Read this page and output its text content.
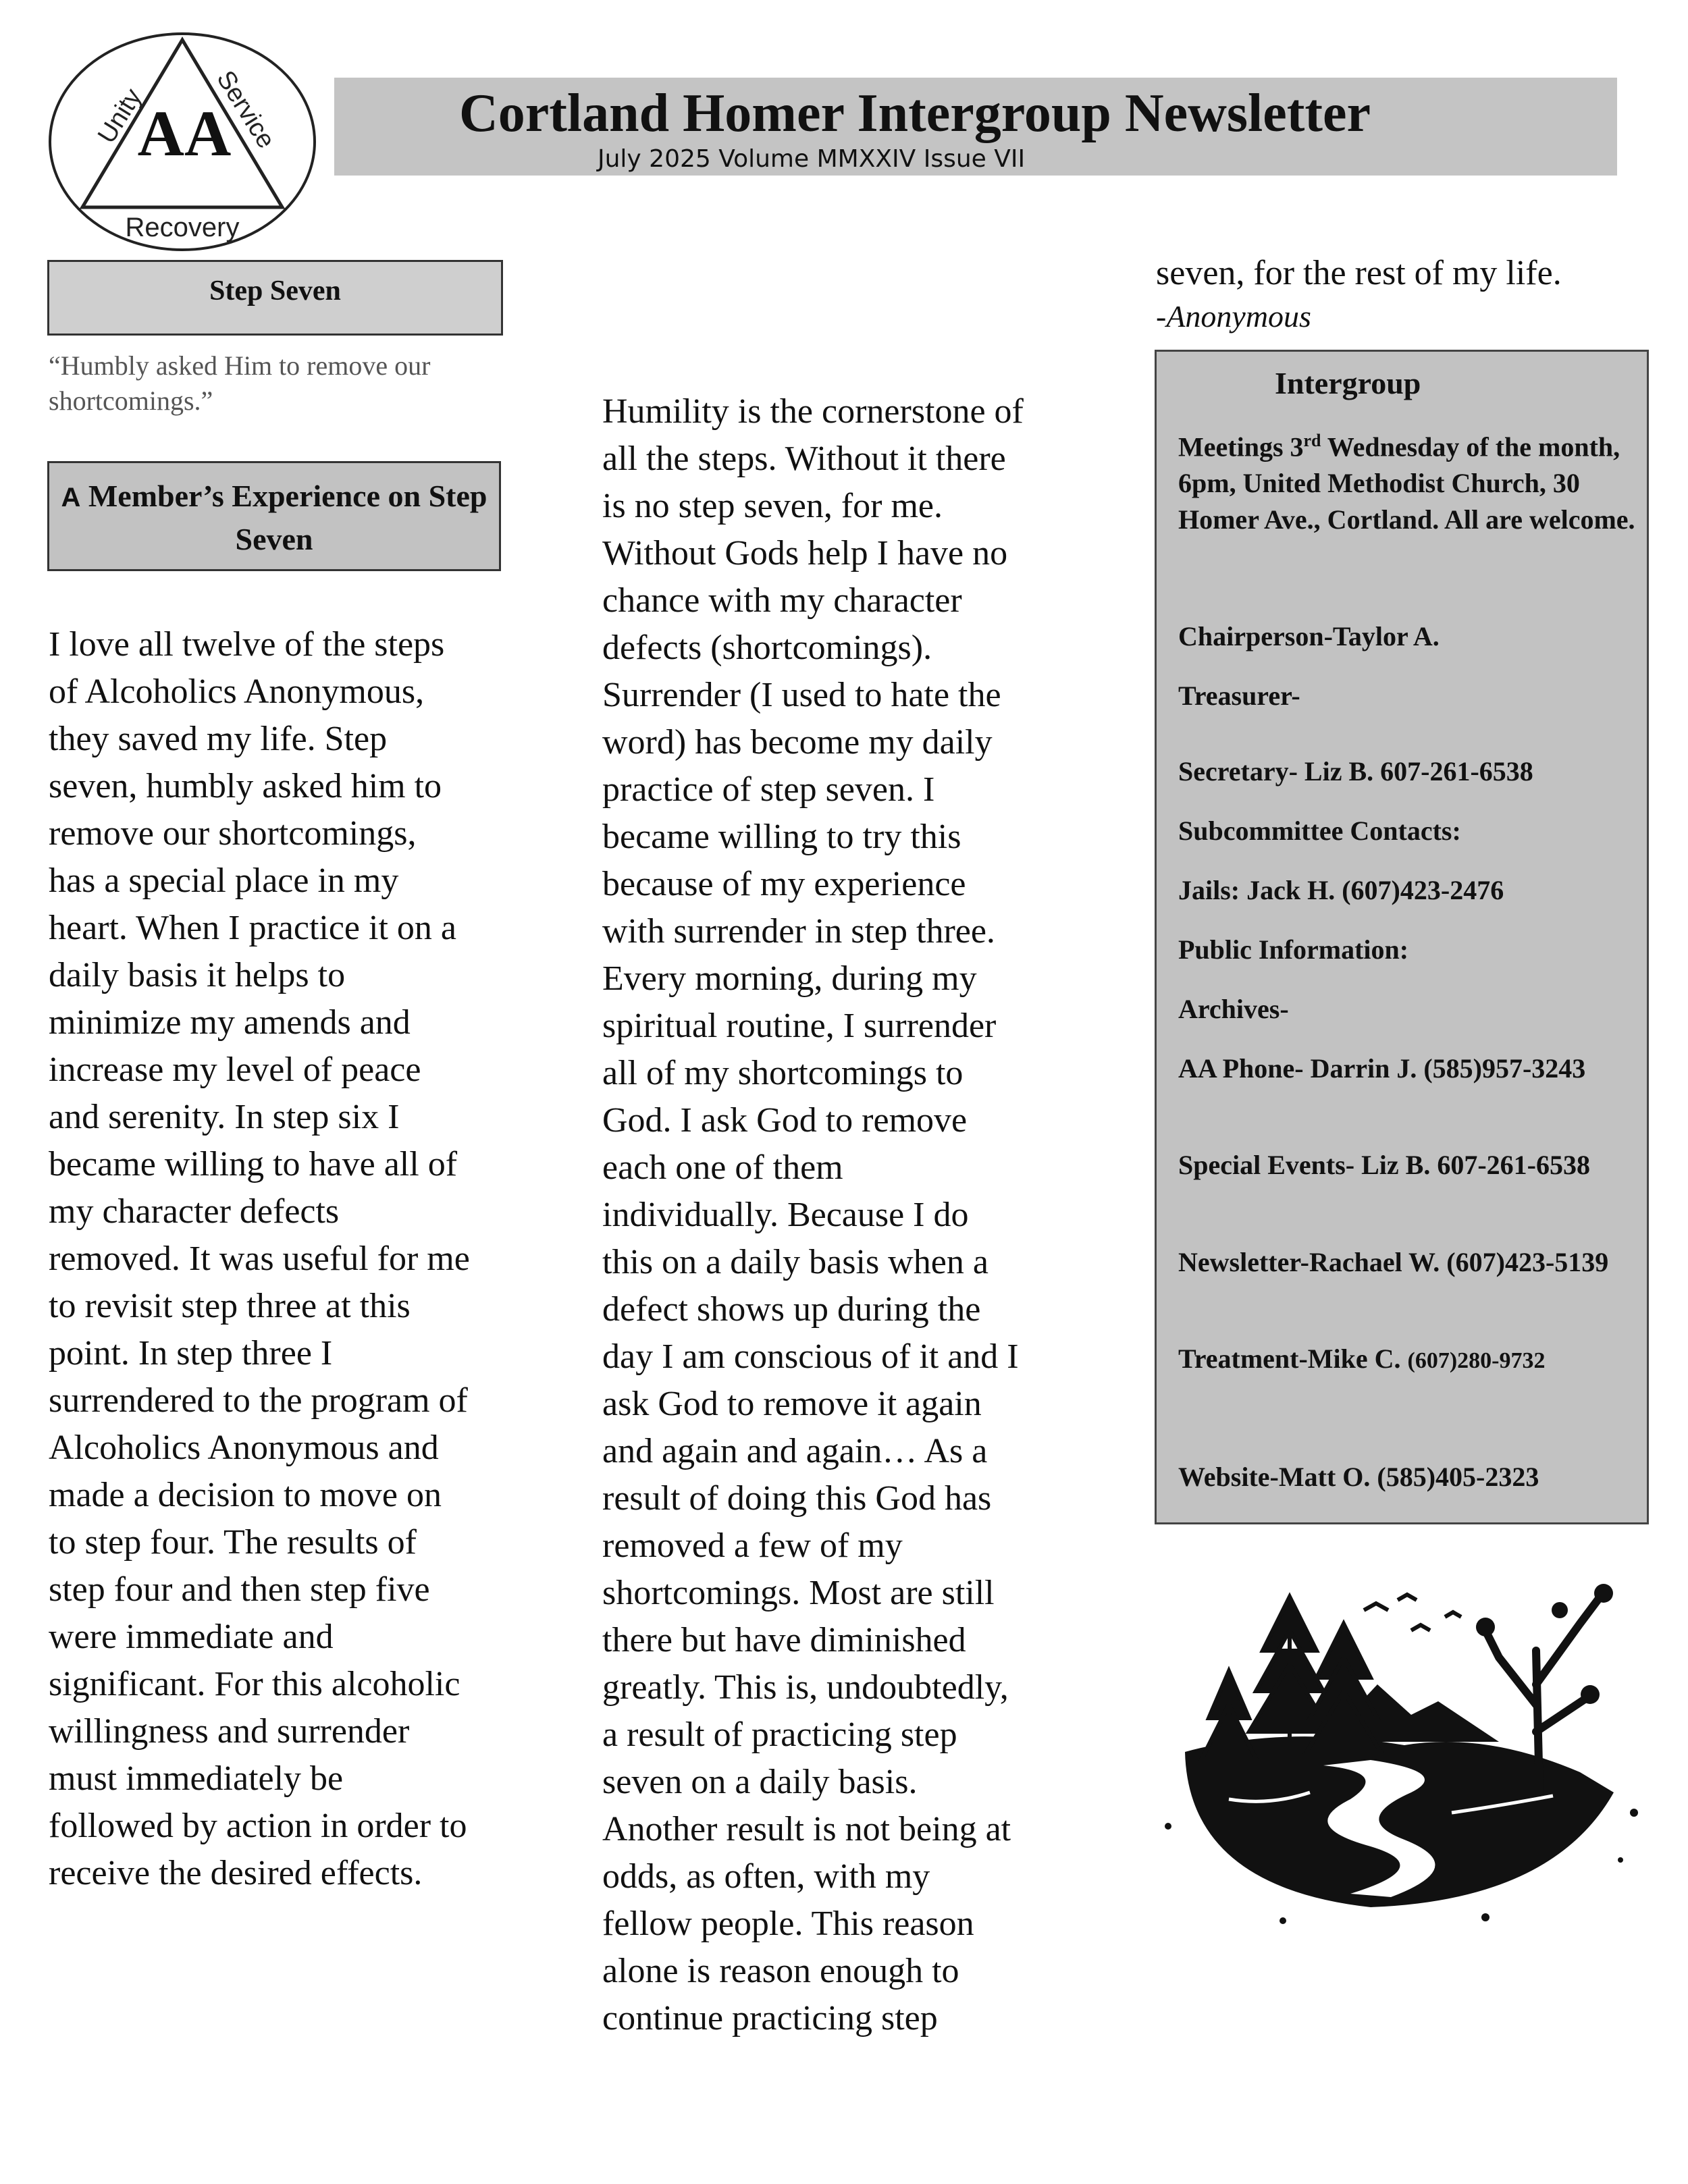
AA
Unity Service
Recovery
Cortland Homer Intergroup Newsletter
July 2025 Volume MMXXIV Issue VII
Step Seven
“Humbly asked Him to remove our shortcomings.”
A Member’s Experience on Step Seven
I love all twelve of the steps
of Alcoholics Anonymous,
they saved my life. Step
seven, humbly asked him to
remove our shortcomings,
has a special place in my
heart. When I practice it on a
daily basis it helps to
minimize my amends and
increase my level of peace
and serenity. In step six I
became willing to have all of
my character defects
removed. It was useful for me
to revisit step three at this
point. In step three I
surrendered to the program of
Alcoholics Anonymous and
made a decision to move on
to step four. The results of
step four and then step five
were immediate and
significant. For this alcoholic
willingness and surrender
must immediately be
followed by action in order to
receive the desired effects.
Humility is the cornerstone of
all the steps. Without it there
is no step seven, for me.
Without Gods help I have no
chance with my character
defects (shortcomings).
Surrender (I used to hate the
word) has become my daily
practice of step seven. I
became willing to try this
because of my experience
with surrender in step three.
Every morning, during my
spiritual routine, I surrender
all of my shortcomings to
God. I ask God to remove
each one of them
individually. Because I do
this on a daily basis when a
defect shows up during the
day I am conscious of it and I
ask God to remove it again
and again and again… As a
result of doing this God has
removed a few of my
shortcomings. Most are still
there but have diminished
greatly. This is, undoubtedly,
a result of practicing step
seven on a daily basis.
Another result is not being at
odds, as often, with my
fellow people. This reason
alone is reason enough to
continue practicing step
seven, for the rest of my life.
-Anonymous
Intergroup
Meetings 3rd Wednesday of the month,
6pm, United Methodist Church, 30 Homer Ave., Cortland. All are welcome.
Chairperson-Taylor A.
Treasurer-
Secretary- Liz B. 607-261-6538
Subcommittee Contacts:
Jails: Jack H. (607)423-2476
Public Information:
Archives-
AA Phone- Darrin J. (585)957-3243
Special Events- Liz B. 607-261-6538
Newsletter-Rachael W. (607)423-5139
Treatment-Mike C. (607)280-9732
Website-Matt O. (585)405-2323
